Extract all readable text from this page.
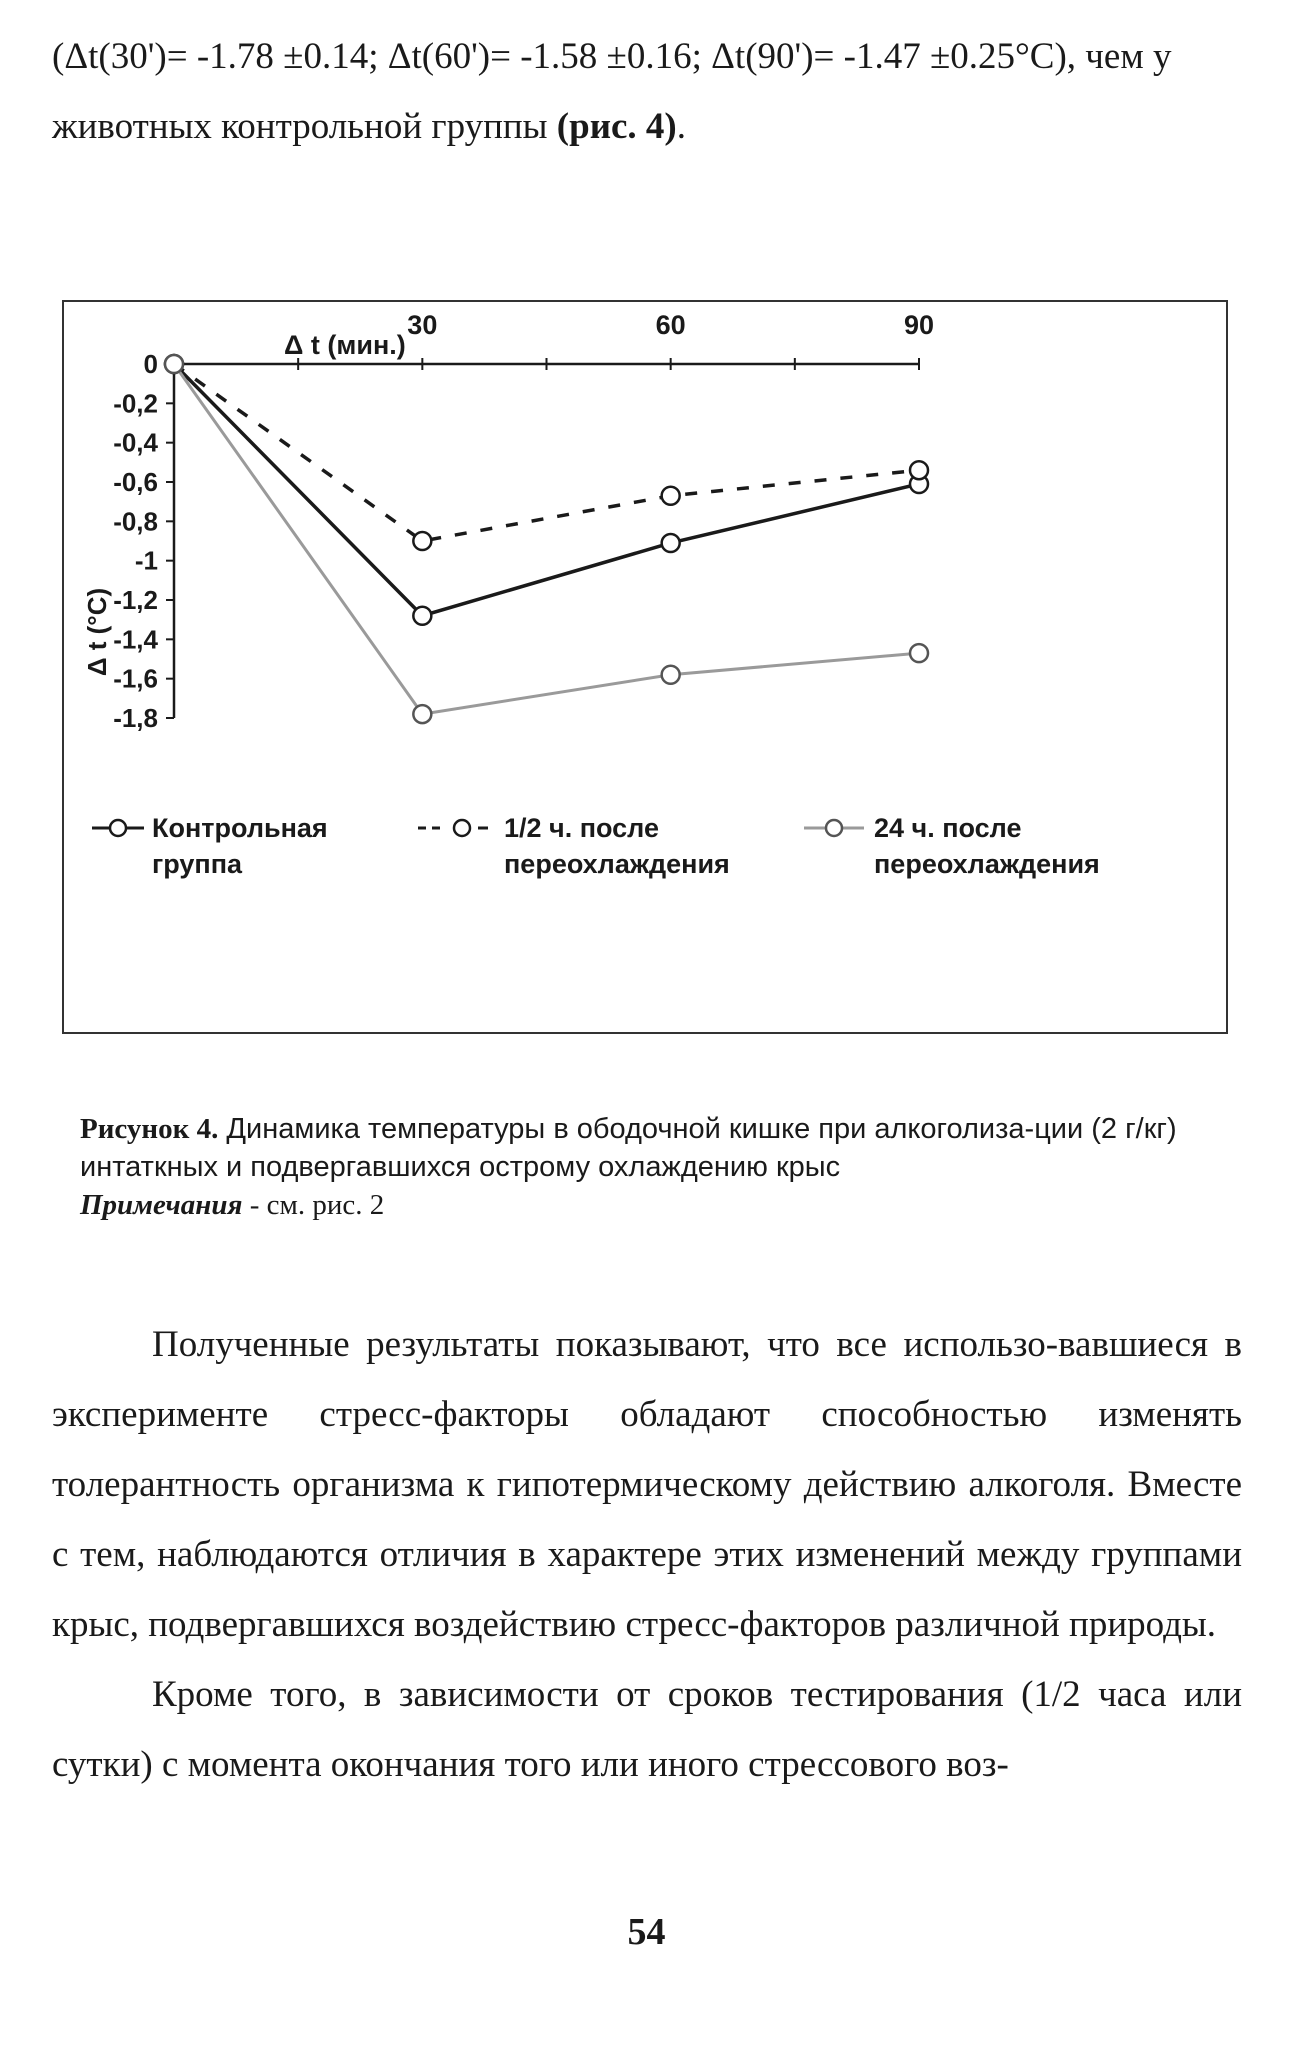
(Δt(30')= -1.78 ±0.14; Δt(60')= -1.58 ±0.16; Δt(90')= -1.47 ±0.25°C), чем у

животных контрольной группы (рис. 4).

Δ t (мин.)
Δ t (°C)
30	60	90
0
-0,2
-0,4
-0,6
-0,8
-1
-1,2
-1,4
-1,6
-1,8
Контрольная
группа
1/2 ч. после
переохлаждения
24 ч. после
переохлаждения
Рисунок 4. Динамика температуры в ободочной кишке при алкоголиза-ции (2 г/кг) интаткных и подвергавшихся острому охлаждению крыс
Примечания - см. рис. 2

Полученные результаты показывают, что все использо-вавшиеся в эксперименте стресс-факторы обладают способностью изменять толерантность организма к гипотермическому действию алкоголя. Вместе с тем, наблюдаются отличия в характере этих изменений между группами крыс, подвергавшихся воздействию стресс-факторов различной природы.

Кроме того, в зависимости от сроков тестирования (1/2 часа или сутки) с момента окончания того или иного стрессового воз-

54
